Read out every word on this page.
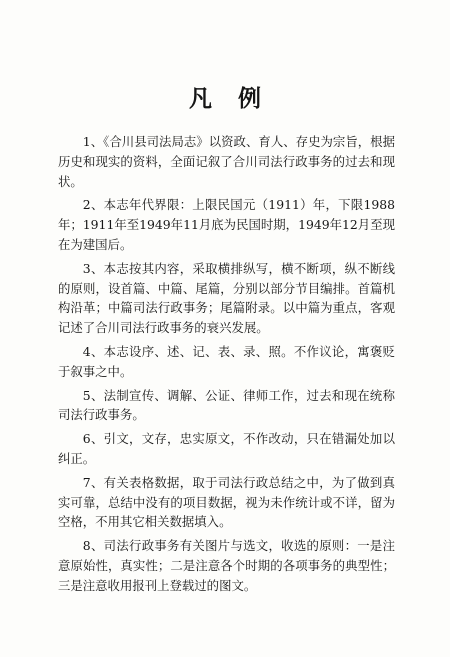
凡例

1、《合川县司法局志》以资政、育人、存史为宗旨，根据历史和现实的资料，全面记叙了合川司法行政事务的过去和现状。

2、本志年代界限：上限民国元（1911）年，下限1988年；1911年至1949年11月底为民国时期，1949年12月至现在为建国后。

3、本志按其内容，采取横排纵写，横不断项，纵不断线的原则，设首篇、中篇、尾篇，分别以部分节目编排。首篇机构沿革；中篇司法行政事务；尾篇附录。以中篇为重点，客观记述了合川司法行政事务的衰兴发展。

4、本志设序、述、记、表、录、照。不作议论，寓褒贬于叙事之中。

5、法制宣传、调解、公证、律师工作，过去和现在统称司法行政事务。

6、引文，文存，忠实原文，不作改动，只在错漏处加以纠正。

7、有关表格数据，取于司法行政总结之中，为了做到真实可靠，总结中没有的项目数据，视为未作统计或不详，留为空格，不用其它相关数据填入。

8、司法行政事务有关图片与选文，收选的原则：一是注意原始性，真实性；二是注意各个时期的各项事务的典型性；三是注意收用报刊上登载过的图文。
